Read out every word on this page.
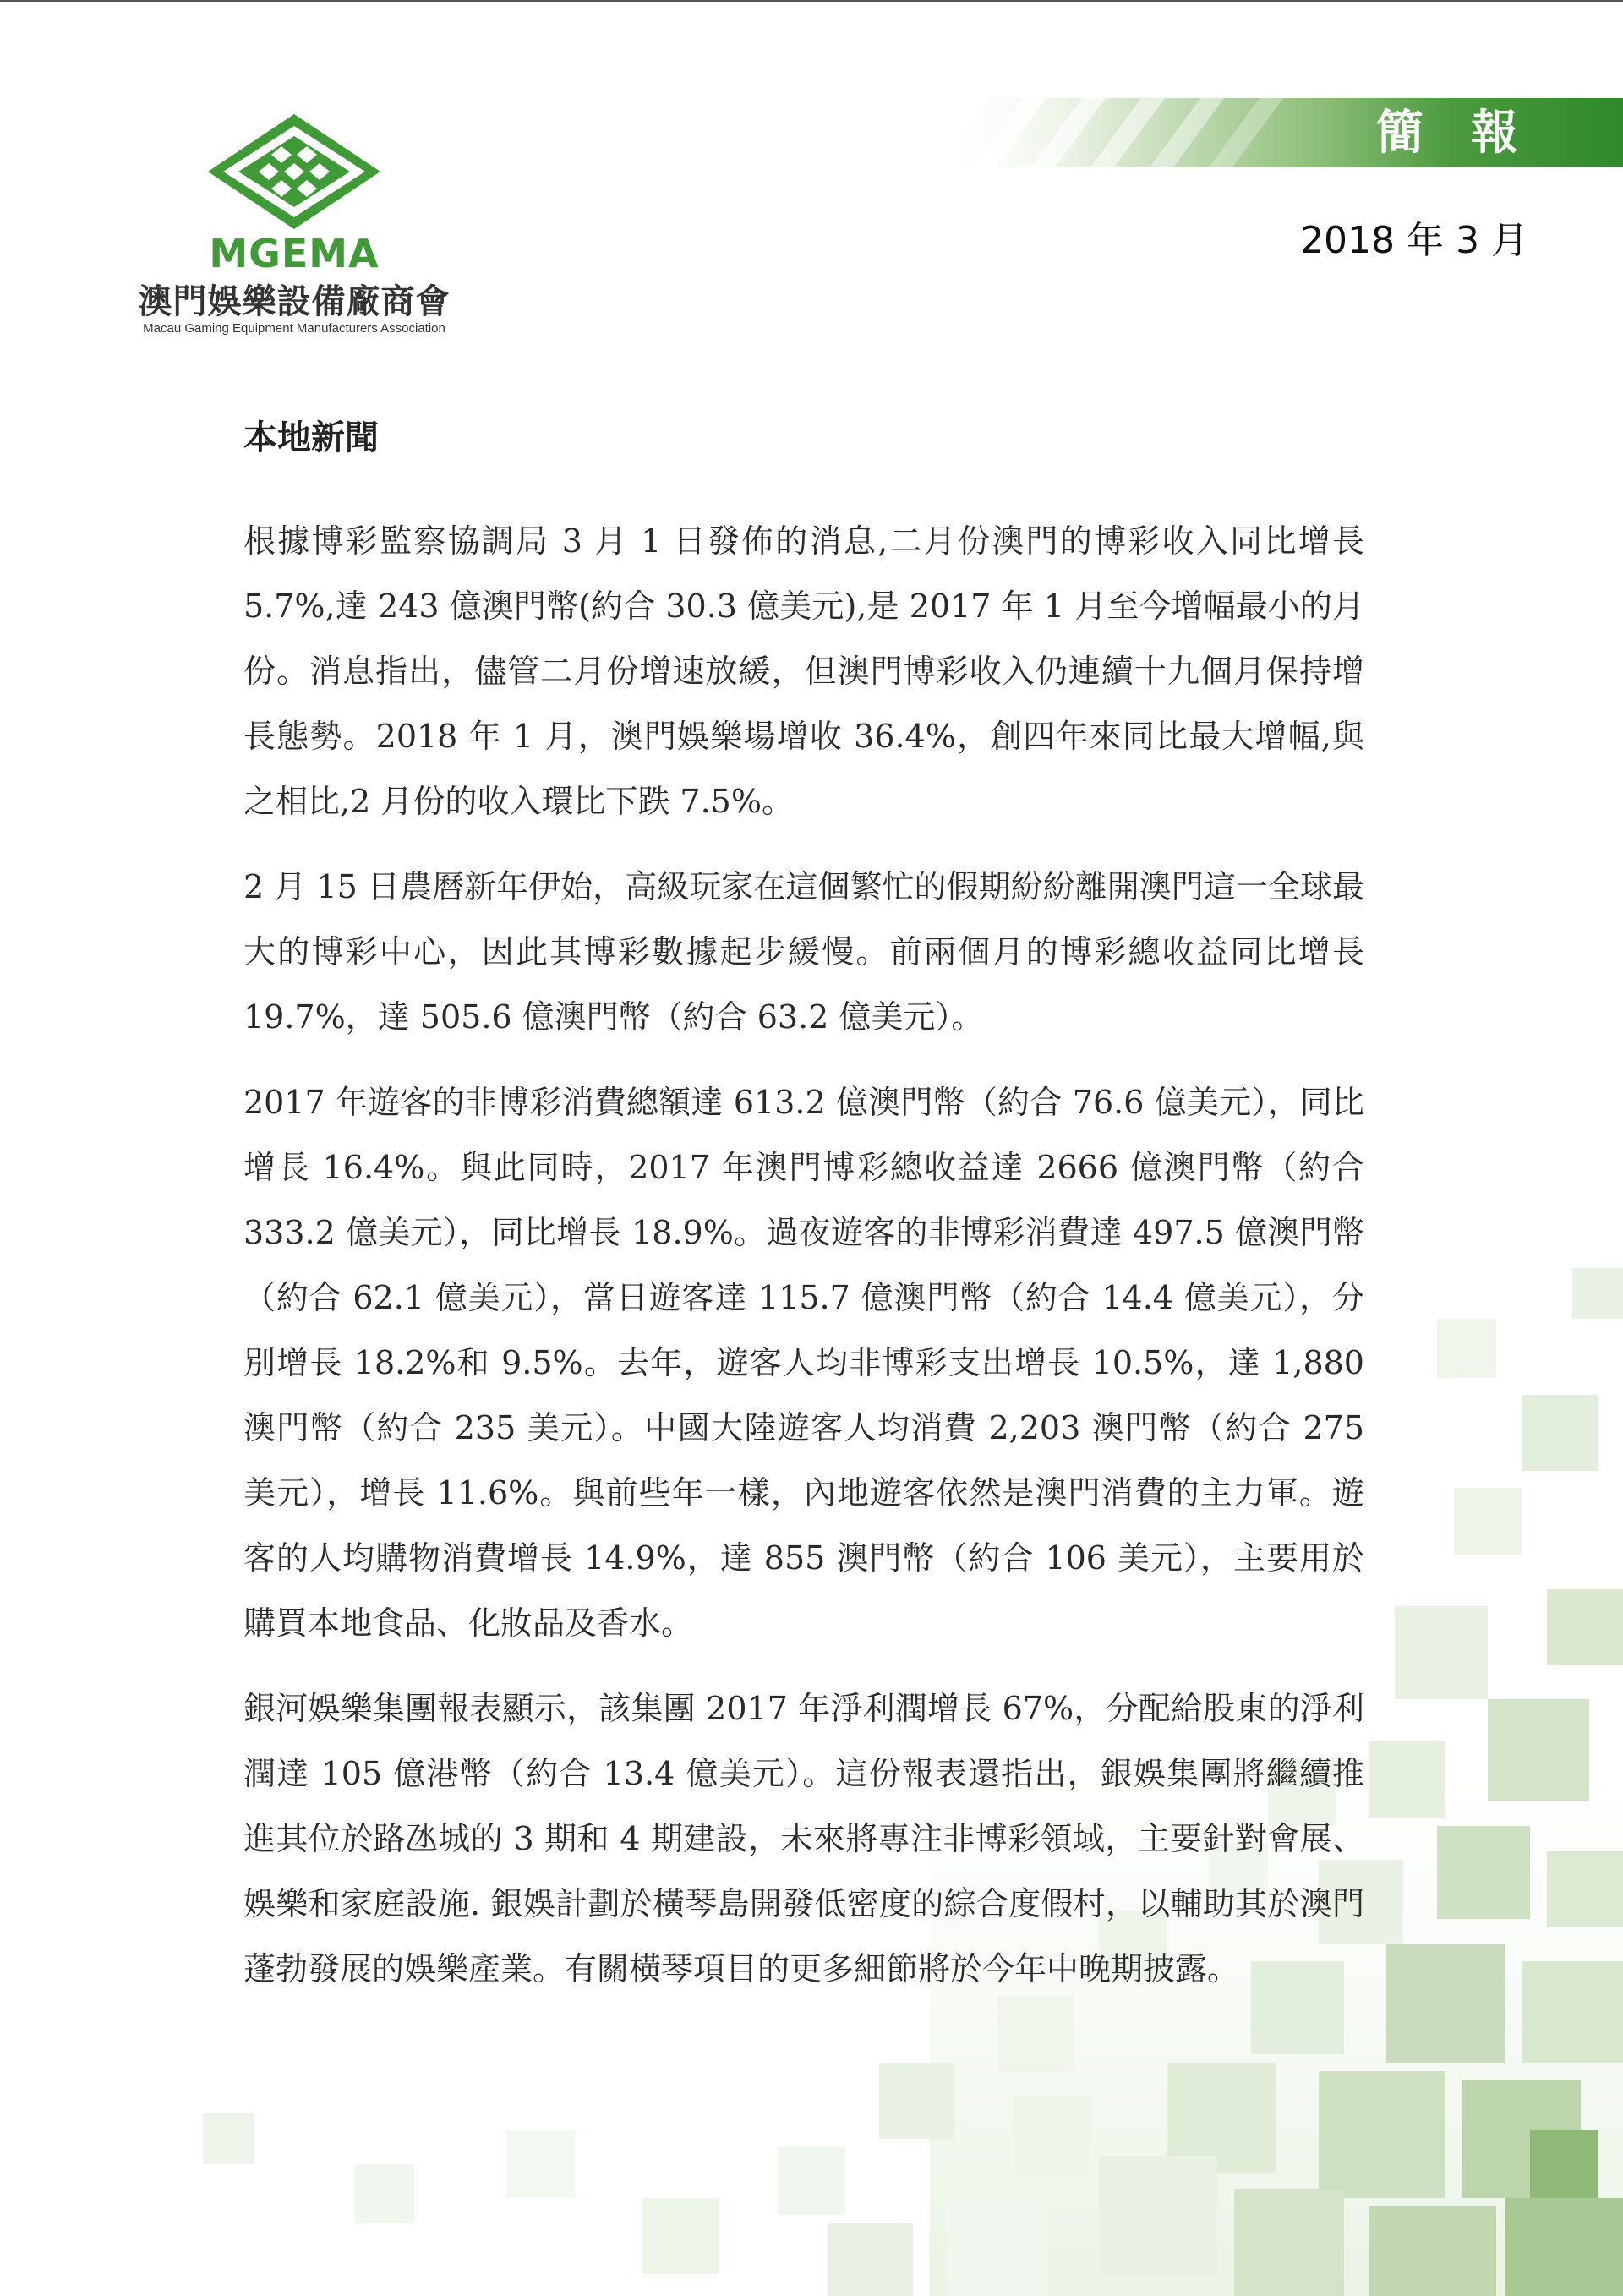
簡報
2018 年 3 月
MGEMA
澳門娛樂設備廠商會
Macau Gaming Equipment Manufacturers Association
本地新聞

根據博彩監察協調局 3 月 1 日發佈的消息,二月份澳門的博彩收入同比增長 5.7%,達 243 億澳門幣(約合 30.3 億美元),是 2017 年 1 月至今增幅最小的月份。消息指出，儘管二月份增速放緩，但澳門博彩收入仍連續十九個月保持增長態勢。2018 年 1 月，澳門娛樂場增收 36.4%，創四年來同比最大增幅,與之相比,2 月份的收入環比下跌 7.5%。

2 月 15 日農曆新年伊始，高級玩家在這個繁忙的假期紛紛離開澳門這一全球最大的博彩中心，因此其博彩數據起步緩慢。前兩個月的博彩總收益同比增長 19.7%，達 505.6 億澳門幣（約合 63.2 億美元）。

2017 年遊客的非博彩消費總額達 613.2 億澳門幣（約合 76.6 億美元），同比增長 16.4%。與此同時，2017 年澳門博彩總收益達 2666 億澳門幣（約合 333.2 億美元），同比增長 18.9%。過夜遊客的非博彩消費達 497.5 億澳門幣（約合 62.1 億美元），當日遊客達 115.7 億澳門幣（約合 14.4 億美元），分別增長 18.2%和 9.5%。去年，遊客人均非博彩支出增長 10.5%，達 1,880 澳門幣（約合 235 美元）。中國大陸遊客人均消費 2,203 澳門幣（約合 275 美元），增長 11.6%。與前些年一樣，內地遊客依然是澳門消費的主力軍。遊客的人均購物消費增長 14.9%，達 855 澳門幣（約合 106 美元），主要用於購買本地食品、化妝品及香水。

銀河娛樂集團報表顯示，該集團 2017 年淨利潤增長 67%，分配給股東的淨利潤達 105 億港幣（約合 13.4 億美元）。這份報表還指出，銀娛集團將繼續推進其位於路氹城的 3 期和 4 期建設，未來將專注非博彩領域，主要針對會展、娛樂和家庭設施. 銀娛計劃於橫琴島開發低密度的綜合度假村，以輔助其於澳門蓬勃發展的娛樂產業。有關橫琴項目的更多細節將於今年中晚期披露。
